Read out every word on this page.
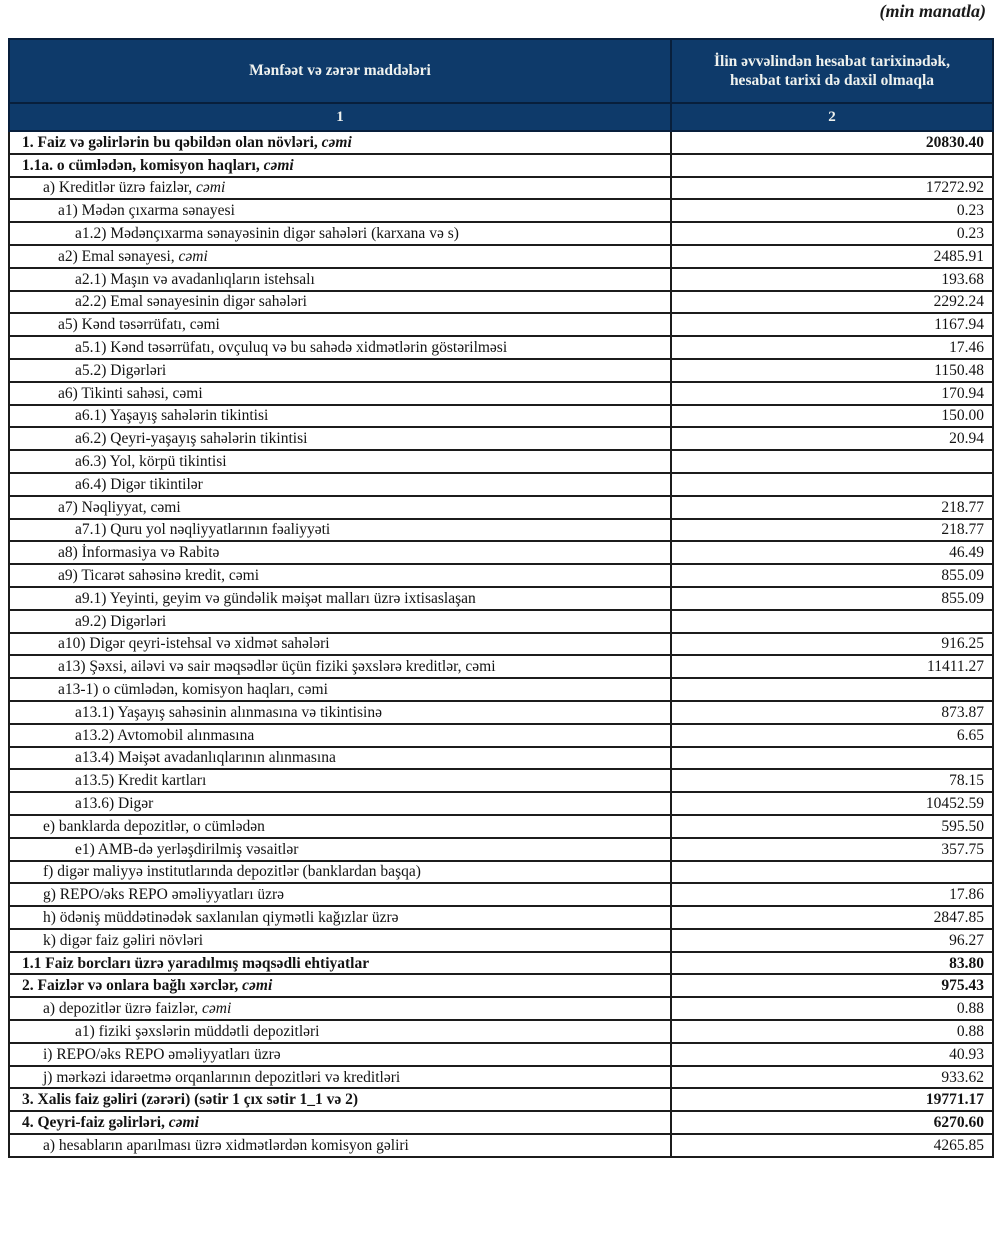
(min manatla)
Mənfəət və zərər maddələri	İlin əvvəlindən hesabat tarixinədək, hesabat tarixi də daxil olmaqla
1	2
1. Faiz və gəlirlərin bu qəbildən olan növləri, cəmi	20830.40
1.1a. o cümlədən, komisyon haqları, cəmi	
a) Kreditlər üzrə faizlər, cəmi	17272.92
a1) Mədən çıxarma sənayesi	0.23
a1.2) Mədənçıxarma sənayəsinin digər sahələri (karxana və s)	0.23
a2) Emal sənayesi, cəmi	2485.91
a2.1) Maşın və avadanlıqların istehsalı	193.68
a2.2) Emal sənayesinin digər sahələri	2292.24
a5) Kənd təsərrüfatı, cəmi	1167.94
a5.1) Kənd təsərrüfatı, ovçuluq və bu sahədə xidmətlərin göstərilməsi	17.46
a5.2) Digərləri	1150.48
a6) Tikinti sahəsi, cəmi	170.94
a6.1) Yaşayış sahələrin tikintisi	150.00
a6.2) Qeyri-yaşayış sahələrin tikintisi	20.94
a6.3) Yol, körpü tikintisi	
a6.4) Digər tikintilər	
a7) Nəqliyyat, cəmi	218.77
a7.1) Quru yol nəqliyyatlarının fəaliyyəti	218.77
a8) İnformasiya və Rabitə	46.49
a9) Ticarət sahəsinə kredit, cəmi	855.09
a9.1) Yeyinti, geyim və gündəlik məişət malları üzrə ixtisaslaşan	855.09
a9.2) Digərləri	
a10) Digər qeyri-istehsal və xidmət sahələri	916.25
a13) Şəxsi, ailəvi və sair məqsədlər üçün fiziki şəxslərə kreditlər, cəmi	11411.27
a13-1) o cümlədən, komisyon haqları, cəmi	
a13.1) Yaşayış sahəsinin alınmasına və tikintisinə	873.87
a13.2) Avtomobil alınmasına	6.65
a13.4) Məişət avadanlıqlarının alınmasına	
a13.5) Kredit kartları	78.15
a13.6) Digər	10452.59
e) banklarda depozitlər, o cümlədən	595.50
e1) AMB-də yerləşdirilmiş vəsaitlər	357.75
f) digər maliyyə institutlarında depozitlər (banklardan başqa)	
g) REPO/əks REPO əməliyyatları üzrə	17.86
h) ödəniş müddətinədək saxlanılan qiymətli kağızlar üzrə	2847.85
k) digər faiz gəliri növləri	96.27
1.1 Faiz borcları üzrə yaradılmış məqsədli ehtiyatlar	83.80
2. Faizlər və onlara bağlı xərclər, cəmi	975.43
a) depozitlər üzrə faizlər, cəmi	0.88
a1) fiziki şəxslərin müddətli depozitləri	0.88
i) REPO/əks REPO əməliyyatları üzrə	40.93
j) mərkəzi idarəetmə orqanlarının depozitləri və kreditləri	933.62
3. Xalis faiz gəliri (zərəri) (sətir 1 çıx sətir 1_1 və 2)	19771.17
4. Qeyri-faiz gəlirləri, cəmi	6270.60
a) hesabların aparılması üzrə xidmətlərdən komisyon gəliri	4265.85
